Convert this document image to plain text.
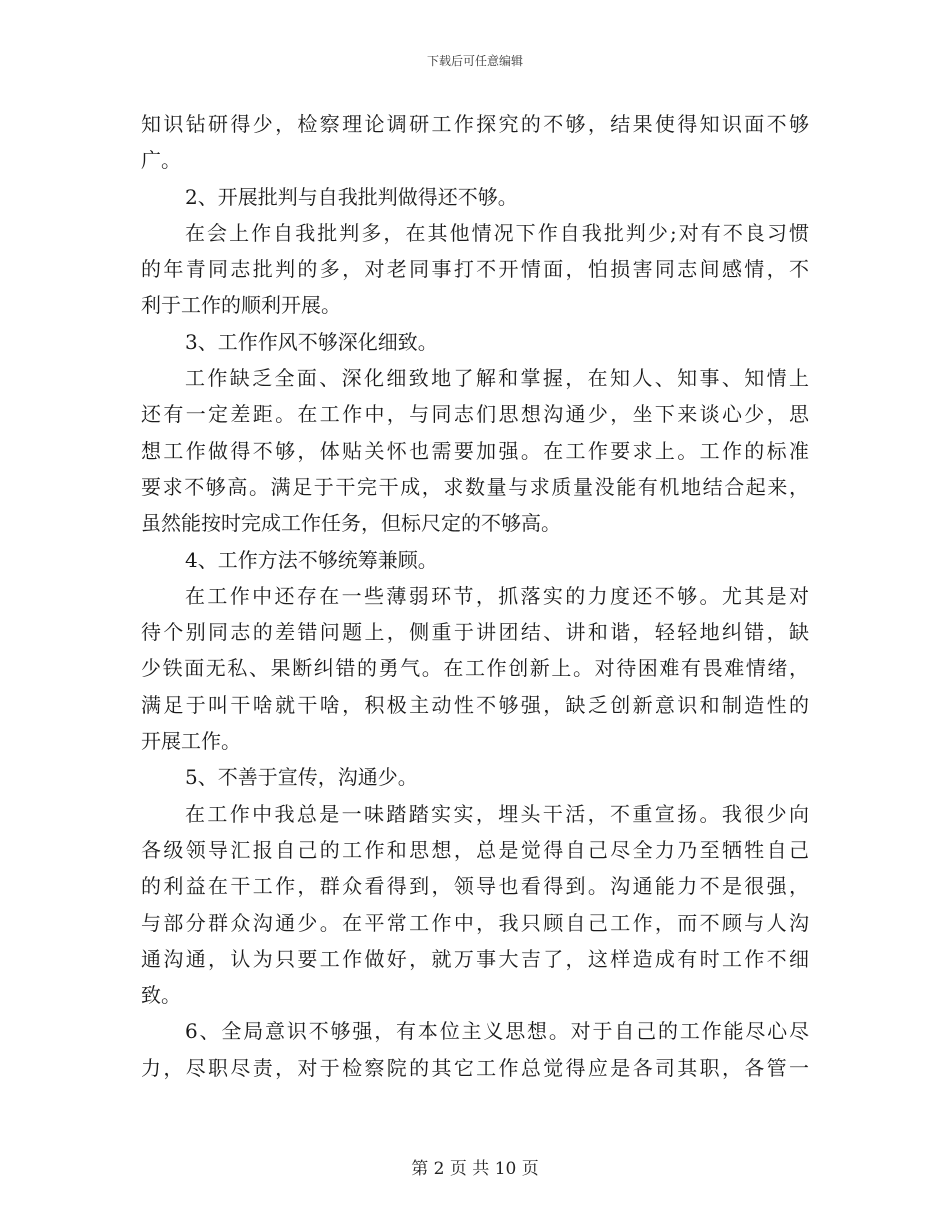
下载后可任意编辑
知识钻研得少，检察理论调研工作探究的不够，结果使得知识面不够
广。
2、开展批判与自我批判做得还不够。
在会上作自我批判多，在其他情况下作自我批判少;对有不良习惯
的年青同志批判的多，对老同事打不开情面，怕损害同志间感情，不
利于工作的顺利开展。
3、工作作风不够深化细致。
工作缺乏全面、深化细致地了解和掌握，在知人、知事、知情上
还有一定差距。在工作中，与同志们思想沟通少，坐下来谈心少，思
想工作做得不够，体贴关怀也需要加强。在工作要求上。工作的标准
要求不够高。满足于干完干成，求数量与求质量没能有机地结合起来，
虽然能按时完成工作任务，但标尺定的不够高。
4、工作方法不够统筹兼顾。
在工作中还存在一些薄弱环节，抓落实的力度还不够。尤其是对
待个别同志的差错问题上，侧重于讲团结、讲和谐，轻轻地纠错，缺
少铁面无私、果断纠错的勇气。在工作创新上。对待困难有畏难情绪，
满足于叫干啥就干啥，积极主动性不够强，缺乏创新意识和制造性的
开展工作。
5、不善于宣传，沟通少。
在工作中我总是一味踏踏实实，埋头干活，不重宣扬。我很少向
各级领导汇报自己的工作和思想，总是觉得自己尽全力乃至牺牲自己
的利益在干工作，群众看得到，领导也看得到。沟通能力不是很强，
与部分群众沟通少。在平常工作中，我只顾自己工作，而不顾与人沟
通沟通，认为只要工作做好，就万事大吉了，这样造成有时工作不细
致。
6、全局意识不够强，有本位主义思想。对于自己的工作能尽心尽
力，尽职尽责，对于检察院的其它工作总觉得应是各司其职，各管一
第 2 页 共 10 页
